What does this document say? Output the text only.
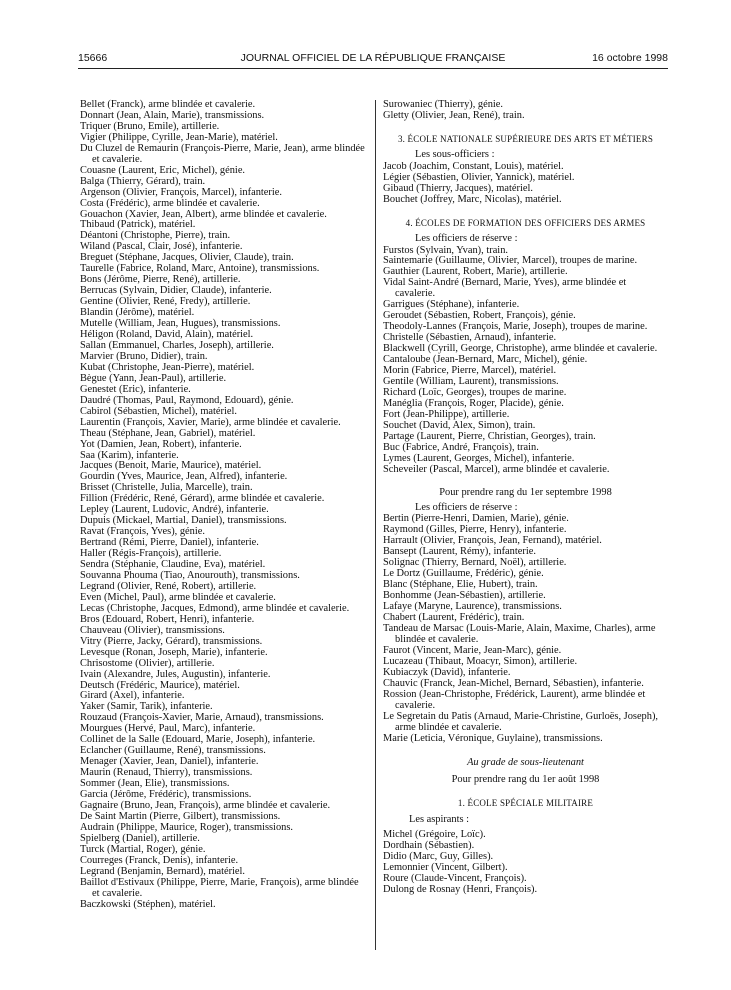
15666	JOURNAL OFFICIEL DE LA RÉPUBLIQUE FRANÇAISE	16 octobre 1998
Bellet (Franck), arme blindée et cavalerie.
Donnart (Jean, Alain, Marie), transmissions.
Triquer (Bruno, Emile), artillerie.
Vigier (Philippe, Cyrille, Jean-Marie), matériel.
Du Cluzel de Remaurin (François-Pierre, Marie, Jean), arme blindée et cavalerie.
Couasne (Laurent, Eric, Michel), génie.
Balga (Thierry, Gérard), train.
Argenson (Olivier, François, Marcel), infanterie.
Costa (Frédéric), arme blindée et cavalerie.
Gouachon (Xavier, Jean, Albert), arme blindée et cavalerie.
Thibaud (Patrick), matériel.
Déantoni (Christophe, Pierre), train.
Wiland (Pascal, Clair, José), infanterie.
Breguet (Stéphane, Jacques, Olivier, Claude), train.
Taurelle (Fabrice, Roland, Marc, Antoine), transmissions.
Bons (Jérôme, Pierre, René), artillerie.
Berrucas (Sylvain, Didier, Claude), infanterie.
Gentine (Olivier, René, Fredy), artillerie.
Blandin (Jérôme), matériel.
Mutelle (William, Jean, Hugues), transmissions.
Héligon (Roland, David, Alain), matériel.
Sallan (Emmanuel, Charles, Joseph), artillerie.
Marvier (Bruno, Didier), train.
Kubat (Christophe, Jean-Pierre), matériel.
Bègue (Yann, Jean-Paul), artillerie.
Genestet (Eric), infanterie.
Daudré (Thomas, Paul, Raymond, Edouard), génie.
Cabirol (Sébastien, Michel), matériel.
Laurentin (François, Xavier, Marie), arme blindée et cavalerie.
Theau (Stéphane, Jean, Gabriel), matériel.
Yot (Damien, Jean, Robert), infanterie.
Saa (Karim), infanterie.
Jacques (Benoit, Marie, Maurice), matériel.
Gourdin (Yves, Maurice, Jean, Alfred), infanterie.
Brisset (Christelle, Julia, Marcelle), train.
Fillion (Frédéric, René, Gérard), arme blindée et cavalerie.
Lepley (Laurent, Ludovic, André), infanterie.
Dupuis (Mickael, Martial, Daniel), transmissions.
Ravat (François, Yves), génie.
Bertrand (Rémi, Pierre, Daniel), infanterie.
Haller (Régis-François), artillerie.
Sendra (Stéphanie, Claudine, Eva), matériel.
Souvanna Phouma (Tiao, Anourouth), transmissions.
Legrand (Olivier, René, Robert), artillerie.
Even (Michel, Paul), arme blindée et cavalerie.
Lecas (Christophe, Jacques, Edmond), arme blindée et cavalerie.
Bros (Edouard, Robert, Henri), infanterie.
Chauveau (Olivier), transmissions.
Vitry (Pierre, Jacky, Gérard), transmissions.
Levesque (Ronan, Joseph, Marie), infanterie.
Chrisostome (Olivier), artillerie.
Ivain (Alexandre, Jules, Augustin), infanterie.
Deutsch (Frédéric, Maurice), matériel.
Girard (Axel), infanterie.
Yaker (Samir, Tarik), infanterie.
Rouzaud (François-Xavier, Marie, Arnaud), transmissions.
Mourgues (Hervé, Paul, Marc), infanterie.
Collinet de la Salle (Edouard, Marie, Joseph), infanterie.
Eclancher (Guillaume, René), transmissions.
Menager (Xavier, Jean, Daniel), infanterie.
Maurin (Renaud, Thierry), transmissions.
Sommer (Jean, Elie), transmissions.
Garcia (Jérôme, Frédéric), transmissions.
Gagnaire (Bruno, Jean, François), arme blindée et cavalerie.
De Saint Martin (Pierre, Gilbert), transmissions.
Audrain (Philippe, Maurice, Roger), transmissions.
Spielberg (Daniel), artillerie.
Turck (Martial, Roger), génie.
Courreges (Franck, Denis), infanterie.
Legrand (Benjamin, Bernard), matériel.
Baillot d'Estivaux (Philippe, Pierre, Marie, François), arme blindée et cavalerie.
Baczkowski (Stéphen), matériel.
Surowaniec (Thierry), génie.
Gletty (Olivier, Jean, René), train.
3. ÉCOLE NATIONALE SUPÉRIEURE DES ARTS ET MÉTIERS
Les sous-officiers :
Jacob (Joachim, Constant, Louis), matériel.
Légier (Sébastien, Olivier, Yannick), matériel.
Gibaud (Thierry, Jacques), matériel.
Bouchet (Joffrey, Marc, Nicolas), matériel.
4. ÉCOLES DE FORMATION DES OFFICIERS DES ARMES
Les officiers de réserve :
Furstos (Sylvain, Yvan), train.
Saintemarie (Guillaume, Olivier, Marcel), troupes de marine.
Gauthier (Laurent, Robert, Marie), artillerie.
Vidal Saint-André (Bernard, Marie, Yves), arme blindée et cavalerie.
Garrigues (Stéphane), infanterie.
Geroudet (Sébastien, Robert, François), génie.
Theodoly-Lannes (François, Marie, Joseph), troupes de marine.
Christelle (Sébastien, Arnaud), infanterie.
Blackwell (Cyrill, George, Christophe), arme blindée et cavalerie.
Cantaloube (Jean-Bernard, Marc, Michel), génie.
Morin (Fabrice, Pierre, Marcel), matériel.
Gentile (William, Laurent), transmissions.
Richard (Loïc, Georges), troupes de marine.
Manéglia (François, Roger, Placide), génie.
Fort (Jean-Philippe), artillerie.
Souchet (David, Alex, Simon), train.
Partage (Laurent, Pierre, Christian, Georges), train.
Buc (Fabrice, André, François), train.
Lymes (Laurent, Georges, Michel), infanterie.
Scheveiler (Pascal, Marcel), arme blindée et cavalerie.
Pour prendre rang du 1er septembre 1998
Les officiers de réserve :
Bertin (Pierre-Henri, Damien, Marie), génie.
Raymond (Gilles, Pierre, Henry), infanterie.
Harrault (Olivier, François, Jean, Fernand), matériel.
Bansept (Laurent, Rémy), infanterie.
Solignac (Thierry, Bernard, Noël), artillerie.
Le Dortz (Guillaume, Frédéric), génie.
Blanc (Stéphane, Elie, Hubert), train.
Bonhomme (Jean-Sébastien), artillerie.
Lafaye (Maryne, Laurence), transmissions.
Chabert (Laurent, Frédéric), train.
Tandeau de Marsac (Louis-Marie, Alain, Maxime, Charles), arme blindée et cavalerie.
Faurot (Vincent, Marie, Jean-Marc), génie.
Lucazeau (Thibaut, Moacyr, Simon), artillerie.
Kubiaczyk (David), infanterie.
Chauvic (Franck, Jean-Michel, Bernard, Sébastien), infanterie.
Rossion (Jean-Christophe, Frédérick, Laurent), arme blindée et cavalerie.
Le Segretain du Patis (Arnaud, Marie-Christine, Gurloës, Joseph), arme blindée et cavalerie.
Marie (Leticia, Véronique, Guylaine), transmissions.
Au grade de sous-lieutenant
Pour prendre rang du 1er août 1998
1. ÉCOLE SPÉCIALE MILITAIRE
Les aspirants :
Michel (Grégoire, Loïc).
Dordhain (Sébastien).
Didio (Marc, Guy, Gilles).
Lemonnier (Vincent, Gilbert).
Roure (Claude-Vincent, François).
Dulong de Rosnay (Henri, François).
